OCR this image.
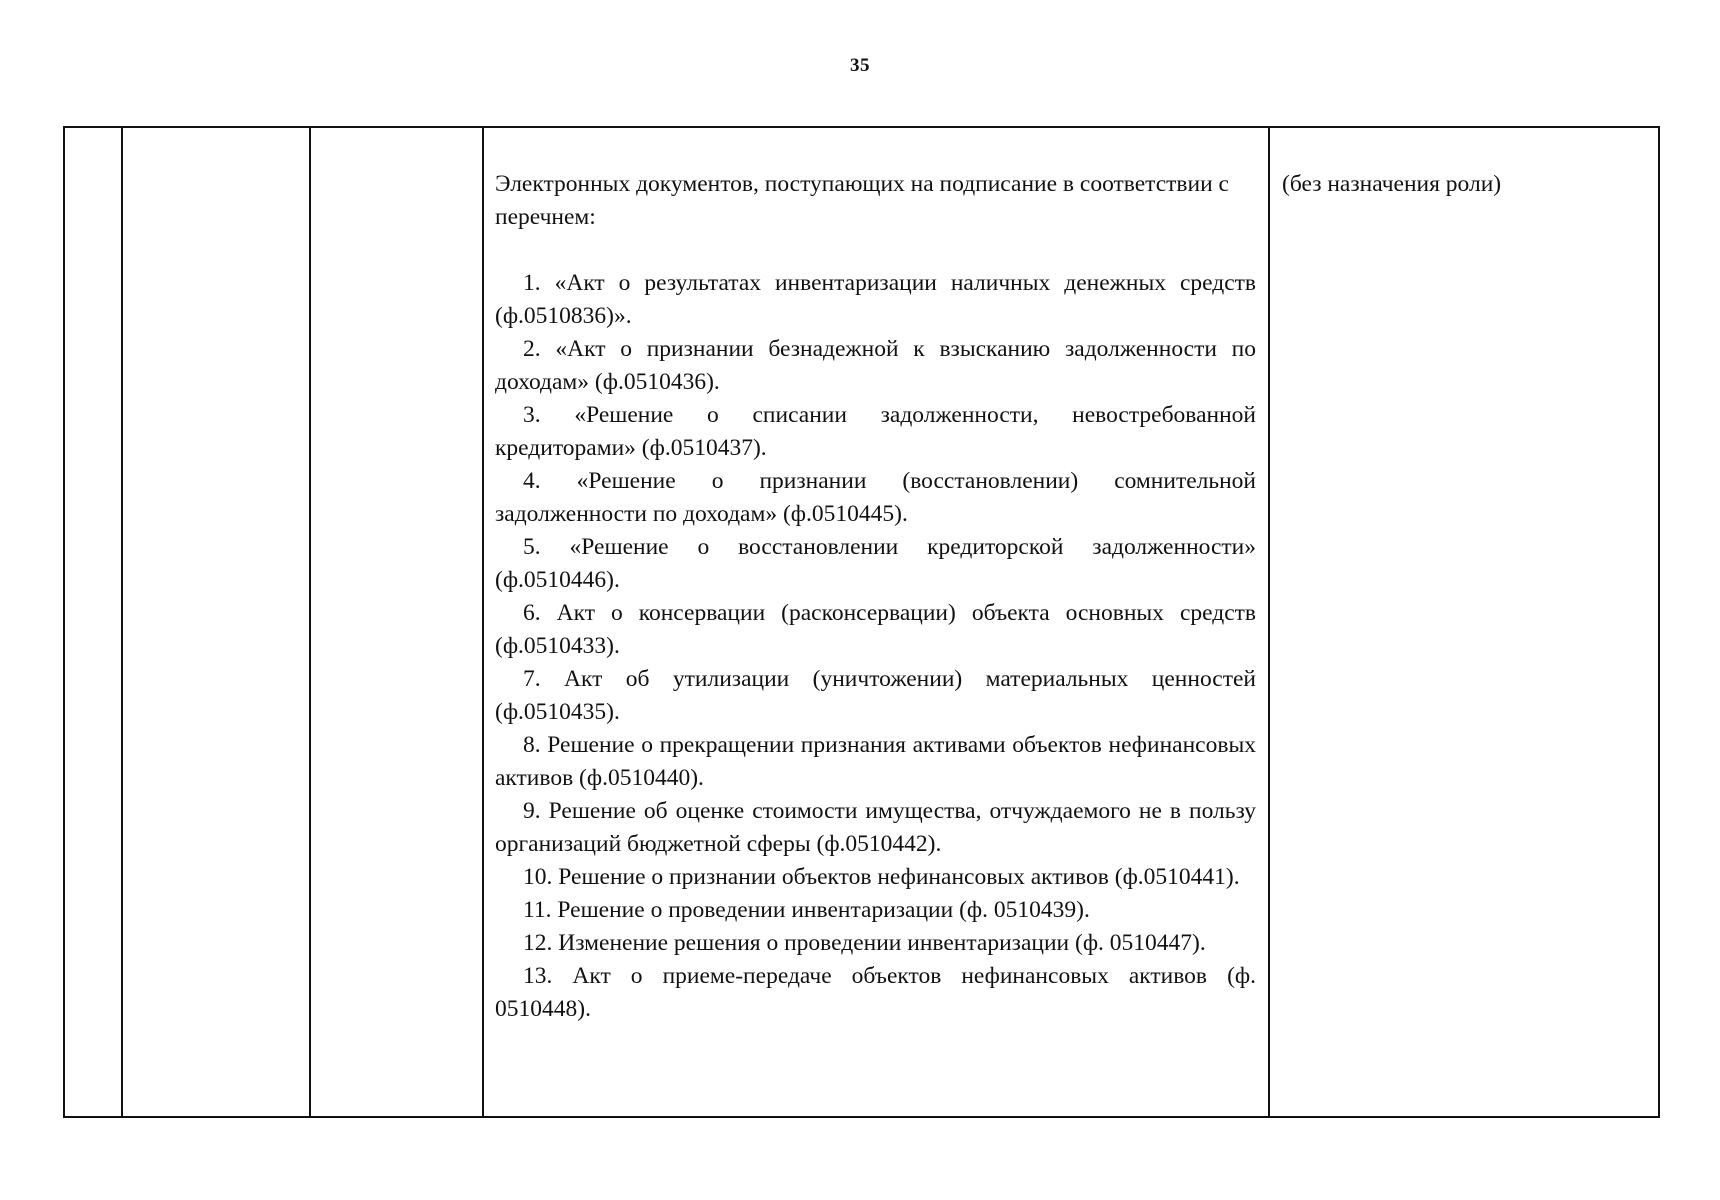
35

Электронных документов, поступающих на подписание в соответствии с перечнем:

1. «Акт о результатах инвентаризации наличных денежных средств (ф.0510836)».
2. «Акт о признании безнадежной к взысканию задолженности по доходам» (ф.0510436).
3. «Решение о списании задолженности, невостребованной кредиторами» (ф.0510437).
4. «Решение о признании (восстановлении) сомнительной задолженности по доходам» (ф.0510445).
5. «Решение о восстановлении кредиторской задолженности» (ф.0510446).
6. Акт о консервации (расконсервации) объекта основных средств (ф.0510433).
7. Акт об утилизации (уничтожении) материальных ценностей (ф.0510435).
8. Решение о прекращении признания активами объектов нефинансовых активов (ф.0510440).
9. Решение об оценке стоимости имущества, отчуждаемого не в пользу организаций бюджетной сферы (ф.0510442).
10. Решение о признании объектов нефинансовых активов (ф.0510441).
11. Решение о проведении инвентаризации (ф. 0510439).
12. Изменение решения о проведении инвентаризации (ф. 0510447).
13. Акт о приеме-передаче объектов нефинансовых активов (ф. 0510448).
	(без назначения роли)
